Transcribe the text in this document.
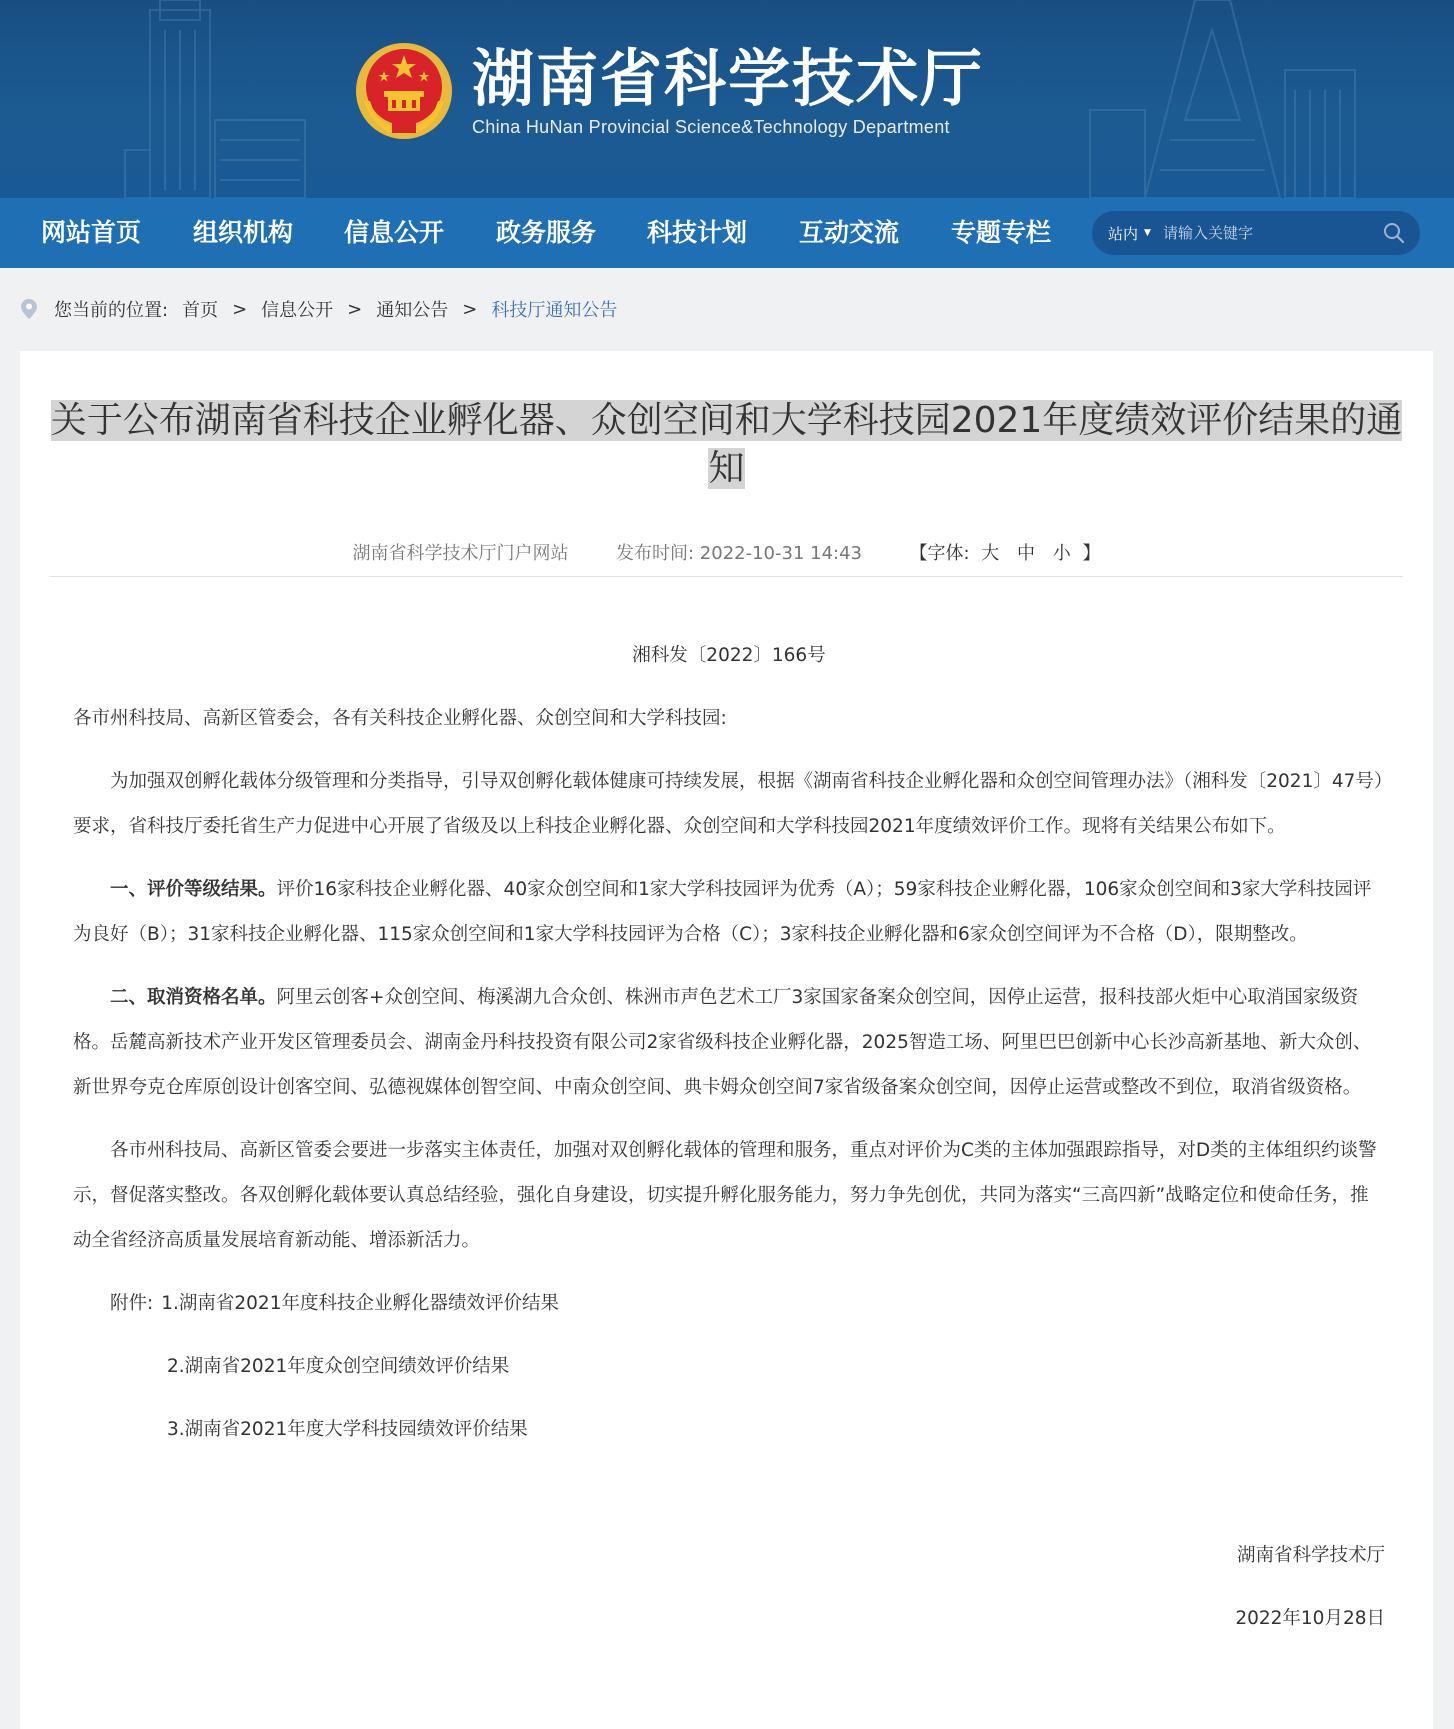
湖南省科学技术厅
China HuNan Provincial Science&Technology Department
网站首页 组织机构 信息公开 政务服务 科技计划 互动交流 专题专栏	站内 ▼
请输入关键字
您当前的位置: 首页 > 信息公开 > 通知公告 > 科技厅通知公告
关于公布湖南省科技企业孵化器、众创空间和大学科技园2021年度绩效评价结果的通
知
湖南省科学技术厅门户网站	发布时间: 2022-10-31 14:43	【字体: 大 中 小 】

湘科发〔2022〕166号

各市州科技局、高新区管委会，各有关科技企业孵化器、众创空间和大学科技园:

为加强双创孵化载体分级管理和分类指导，引导双创孵化载体健康可持续发展，根据《湖南省科技企业孵化器和众创空间管理办法》（湘科发〔2021〕47号）要求，省科技厅委托省生产力促进中心开展了省级及以上科技企业孵化器、众创空间和大学科技园2021年度绩效评价工作。现将有关结果公布如下。

一、评价等级结果。评价16家科技企业孵化器、40家众创空间和1家大学科技园评为优秀（A）；59家科技企业孵化器，106家众创空间和3家大学科技园评为良好（B）；31家科技企业孵化器、115家众创空间和1家大学科技园评为合格（C）；3家科技企业孵化器和6家众创空间评为不合格（D），限期整改。

二、取消资格名单。阿里云创客+众创空间、梅溪湖九合众创、株洲市声色艺术工厂3家国家备案众创空间，因停止运营，报科技部火炬中心取消国家级资格。岳麓高新技术产业开发区管理委员会、湖南金丹科技投资有限公司2家省级科技企业孵化器，2025智造工场、阿里巴巴创新中心长沙高新基地、新大众创、新世界夸克仓库原创设计创客空间、弘德视媒体创智空间、中南众创空间、典卡姆众创空间7家省级备案众创空间，因停止运营或整改不到位，取消省级资格。

各市州科技局、高新区管委会要进一步落实主体责任，加强对双创孵化载体的管理和服务，重点对评价为C类的主体加强跟踪指导，对D类的主体组织约谈警示，督促落实整改。各双创孵化载体要认真总结经验，强化自身建设，切实提升孵化服务能力，努力争先创优，共同为落实“三高四新”战略定位和使命任务，推动全省经济高质量发展培育新动能、增添新活力。

附件: 1.湖南省2021年度科技企业孵化器绩效评价结果

2.湖南省2021年度众创空间绩效评价结果

3.湖南省2021年度大学科技园绩效评价结果

湖南省科学技术厅

2022年10月28日
